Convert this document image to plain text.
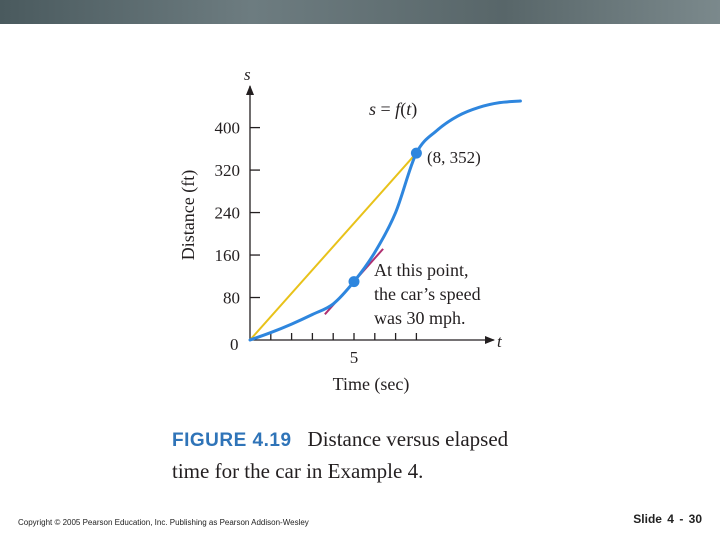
80
160
240
320
400
5
s
t
0
Time (sec)
Distance (ft)
s = f(t)
(8, 352)
At this point,
the car’s speed
was 30 mph.
FIGURE 4.19 Distance versus elapsed
time for the car in Example 4.
Copyright © 2005 Pearson Education, Inc. Publishing as Pearson Addison-Wesley	Slide 4 - 30
